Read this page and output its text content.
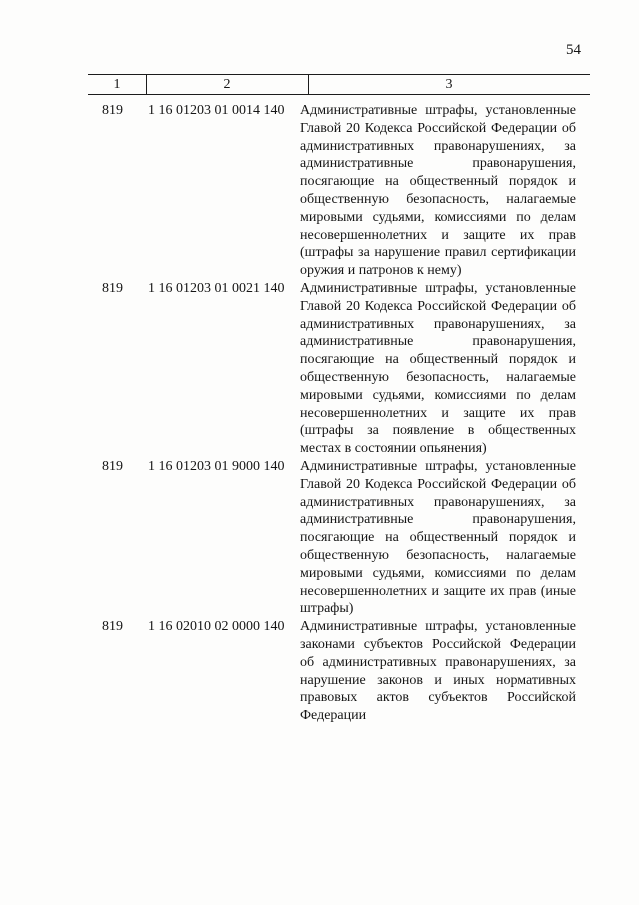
54
1	2	3
819 1 16 01203 01 0014 140 Административные штрафы, установленные Главой 20 Кодекса Российской Федерации об административных правонарушениях, за административные правонарушения, посягающие на общественный порядок и общественную безопасность, налагаемые мировыми судьями, комиссиями по делам несовершеннолетних и защите их прав (штрафы за нарушение правил сертификации оружия и патронов к нему)
819 1 16 01203 01 0021 140 Административные штрафы, установленные Главой 20 Кодекса Российской Федерации об административных правонарушениях, за административные правонарушения, посягающие на общественный порядок и общественную безопасность, налагаемые мировыми судьями, комиссиями по делам несовершеннолетних и защите их прав (штрафы за появление в общественных местах в состоянии опьянения)
819 1 16 01203 01 9000 140 Административные штрафы, установленные Главой 20 Кодекса Российской Федерации об административных правонарушениях, за административные правонарушения, посягающие на общественный порядок и общественную безопасность, налагаемые мировыми судьями, комиссиями по делам несовершеннолетних и защите их прав (иные штрафы)
819 1 16 02010 02 0000 140 Административные штрафы, установленные законами субъектов Российской Федерации об административных правонарушениях, за нарушение законов и иных нормативных правовых актов субъектов Российской Федерации
